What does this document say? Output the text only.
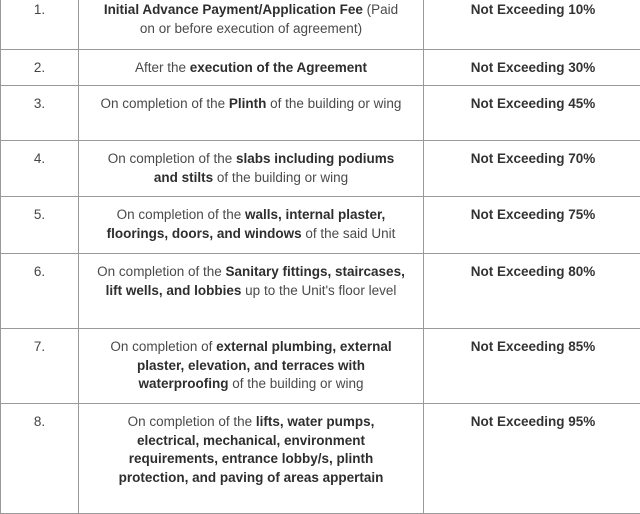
1.	Initial Advance Payment/Application Fee (Paid on or before execution of agreement)	Not Exceeding 10%
2.	After the execution of the Agreement	Not Exceeding 30%
3.	On completion of the Plinth of the building or wing	Not Exceeding 45%
4.	On completion of the slabs including podiums and stilts of the building or wing	Not Exceeding 70%
5.	On completion of the walls, internal plaster, floorings, doors, and windows of the said Unit	Not Exceeding 75%
6.	On completion of the Sanitary fittings, staircases, lift wells, and lobbies up to the Unit's floor level	Not Exceeding 80%
7.	On completion of external plumbing, external plaster, elevation, and terraces with waterproofing of the building or wing	Not Exceeding 85%
8.	On completion of the lifts, water pumps, electrical, mechanical, environment requirements, entrance lobby/s, plinth protection, and paving of areas appertain	Not Exceeding 95%
